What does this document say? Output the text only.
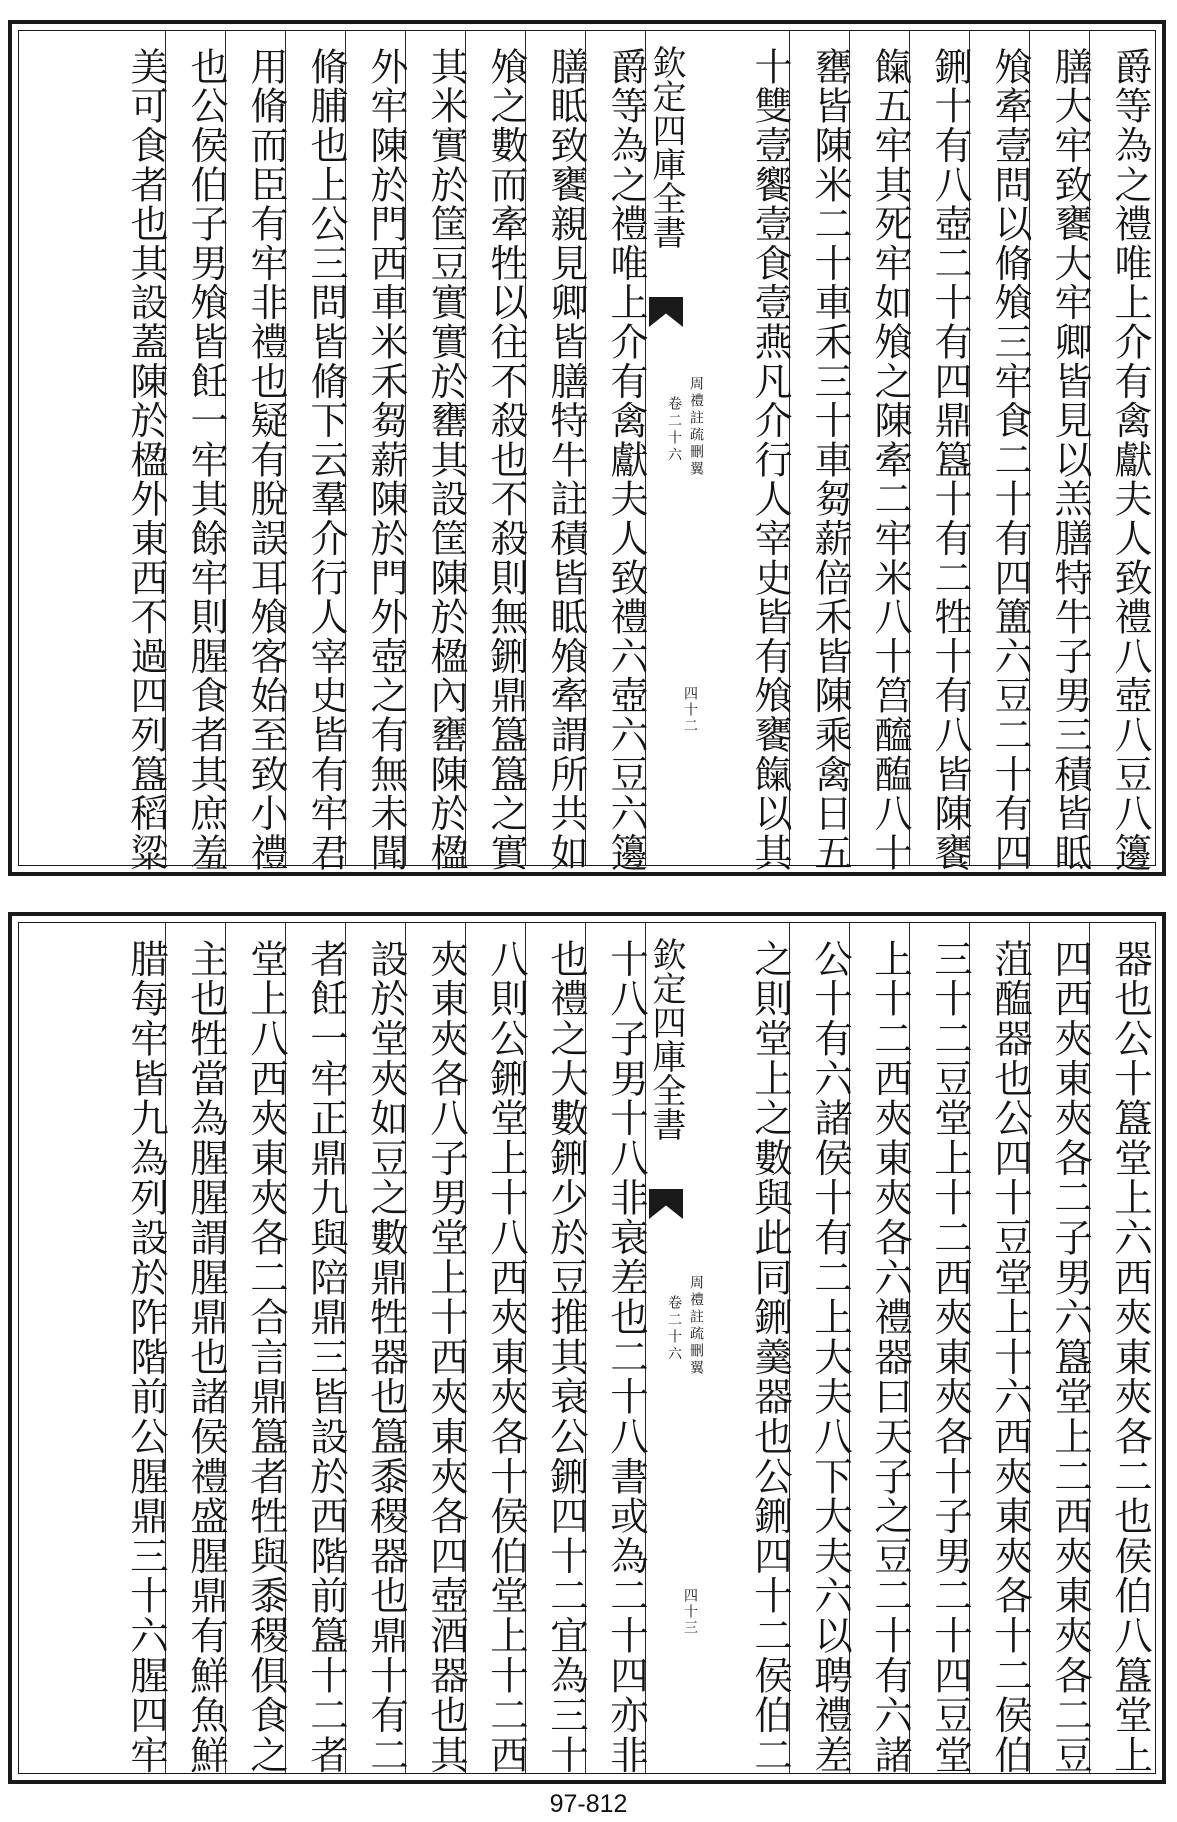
爵等為之禮唯上介有禽獻夫人致禮八壺八豆八籩
膳大牢致饔大牢卿皆見以羔膳特牛子男三積皆眡
飧牽壹問以脩飧三牢食二十有四簠六豆二十有四
鉶十有八壺二十有四鼎簋十有二牲十有八皆陳饔
餼五牢其死牢如飧之陳牽二牢米八十筥醯醢八十
罋皆陳米二十車禾三十車芻薪倍禾皆陳乘禽日五
十雙壹饗壹食壹燕凡介行人宰史皆有飧饔餼以其
欽定四庫全書
周禮註疏刪翼
卷二十六
四十二
爵等為之禮唯上介有禽獻夫人致禮六壺六豆六籩
膳眡致饔親見卿皆膳特牛註積皆眡飧牽謂所共如
飧之數而牽牲以往不殺也不殺則無鉶鼎簋簋之實
其米實於筐豆實實於罋其設筐陳於楹內罋陳於楹
外牢陳於門西車米禾芻薪陳於門外壺之有無未聞
脩脯也上公三問皆脩下云羣介行人宰史皆有牢君
用脩而臣有牢非禮也疑有脫誤耳飧客始至致小禮
也公侯伯子男飧皆飪一牢其餘牢則腥食者其庶羞
美可食者也其設蓋陳於楹外東西不過四列簋稻粱
器也公十簋堂上六西夾東夾各二也侯伯八簋堂上
四西夾東夾各二子男六簋堂上二西夾東夾各二豆
菹醢器也公四十豆堂上十六西夾東夾各十二侯伯
三十二豆堂上十二西夾東夾各十子男二十四豆堂
上十二西夾東夾各六禮器曰天子之豆二十有六諸
公十有六諸侯十有二上大夫八下大夫六以聘禮差
之則堂上之數與此同鉶羹器也公鉶四十二侯伯二
欽定四庫全書
周禮註疏刪翼
卷二十六
四十三
十八子男十八非衰差也二十八書或為二十四亦非
也禮之大數鉶少於豆推其衰公鉶四十二宜為三十
八則公鉶堂上十八西夾東夾各十侯伯堂上十二西
夾東夾各八子男堂上十西夾東夾各四壺酒器也其
設於堂夾如豆之數鼎牲器也簋黍稷器也鼎十有二
者飪一牢正鼎九與陪鼎三皆設於西階前簋十二者
堂上八西夾東夾各二合言鼎簋者牲與黍稷俱食之
主也牲當為腥腥謂腥鼎也諸侯禮盛腥鼎有鮮魚鮮
腊每牢皆九為列設於阼階前公腥鼎三十六腥四牢
97-812
